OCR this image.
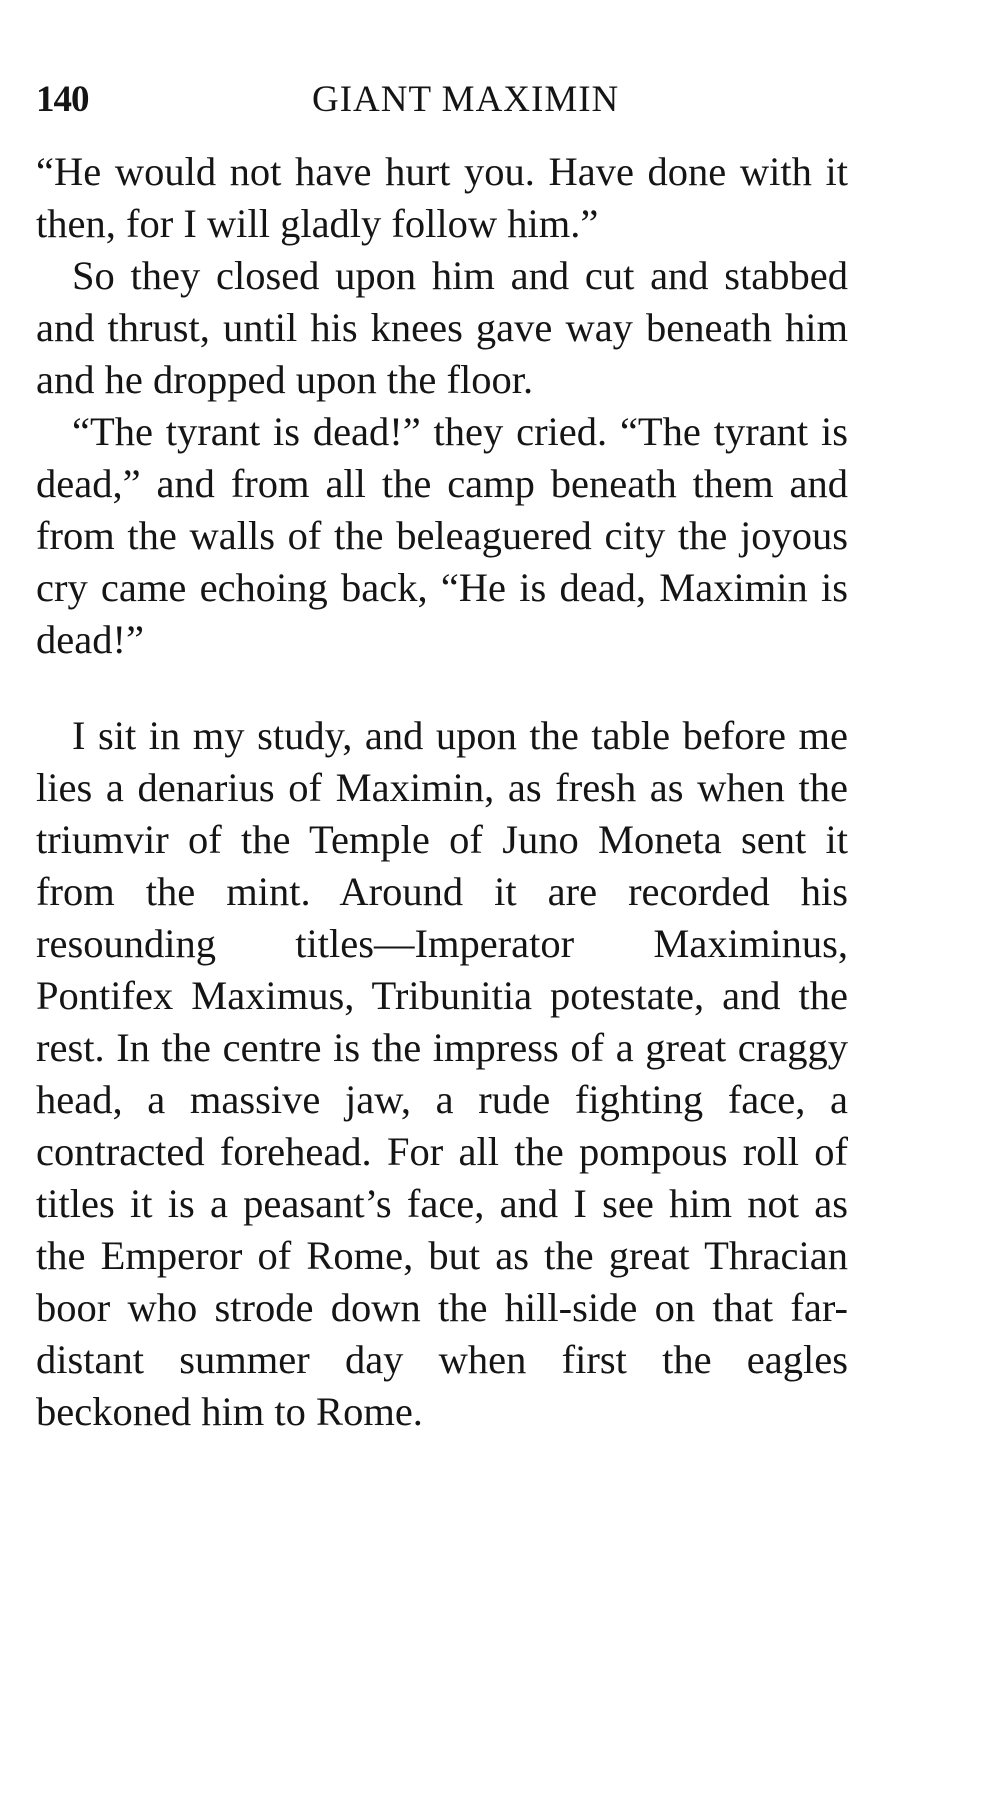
140	GIANT MAXIMIN

“He would not have hurt you. Have done with it then, for I will gladly follow him.”

So they closed upon him and cut and stabbed and thrust, until his knees gave way beneath him and he dropped upon the floor.

“The tyrant is dead!” they cried. “The tyrant is dead,” and from all the camp beneath them and from the walls of the beleaguered city the joyous cry came echoing back, “He is dead, Maximin is dead!”

I sit in my study, and upon the table before me lies a denarius of Maximin, as fresh as when the triumvir of the Temple of Juno Moneta sent it from the mint. Around it are recorded his resounding titles—Imperator Maximinus, Pontifex Maximus, Tribunitia potestate, and the rest. In the centre is the impress of a great craggy head, a massive jaw, a rude fighting face, a contracted forehead. For all the pompous roll of titles it is a peasant’s face, and I see him not as the Emperor of Rome, but as the great Thracian boor who strode down the hill-side on that far-distant summer day when first the eagles beckoned him to Rome.
